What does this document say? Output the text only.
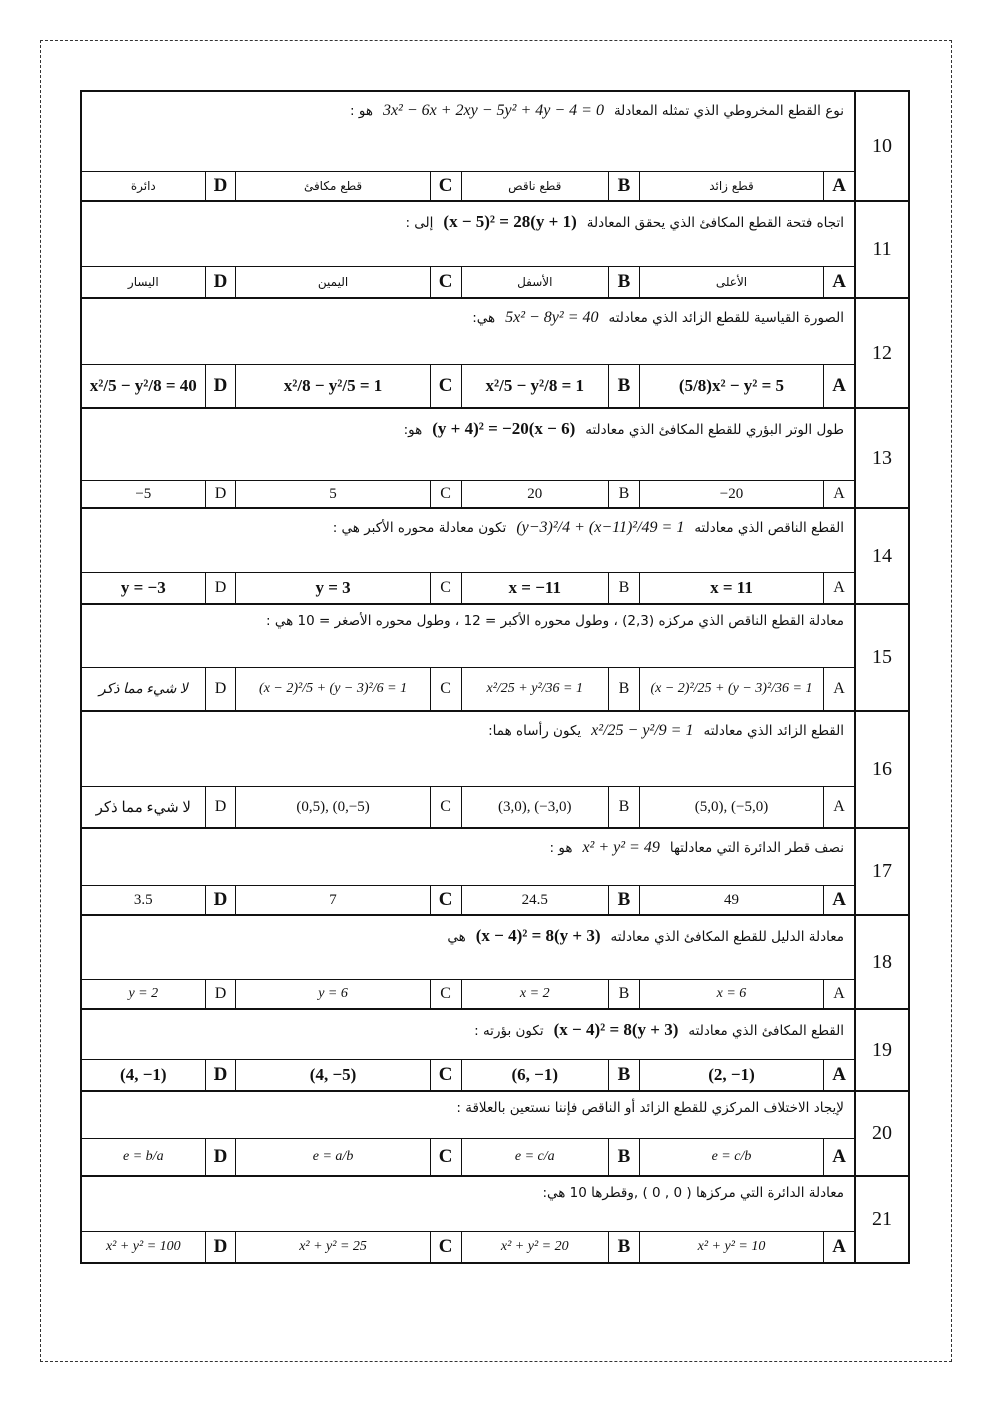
نوع القطع المخروطي الذي تمثله المعادلة3x² − 6x + 2xy − 5y² + 4y − 4 = 0هو :
A
قطع زائد
B
قطع ناقص
C
قطع مكافئ
D
دائرة
10
اتجاه فتحة القطع المكافئ الذي يحقق المعادلة(x − 5)² = 28(y + 1)إلى :
A
الأعلى
B
الأسفل
C
اليمين
D
اليسار
11
الصورة القياسية للقطع الزائد الذي معادلته5x² − 8y² = 40هي:
A
(5/8)x² − y² = 5
B
x²/5 − y²/8 = 1
C
x²/8 − y²/5 = 1
D
x²/5 − y²/8 = 40
12
طول الوتر البؤري للقطع المكافئ الذي معادلته(y + 4)² = −20(x − 6)هو:
A
−20
B
20
C
5
D
−5
13
القطع الناقص الذي معادلته(y−3)²/4 + (x−11)²/49 = 1تكون معادلة محوره الأكبر هي :
A
x = 11
B
x = −11
C
y = 3
D
y = −3
14
معادلة القطع الناقص الذي مركزه (2,3) ، وطول محوره الأكبر = 12 ، وطول محوره الأصغر = 10 هي :
A
(x − 2)²/25 + (y − 3)²/36 = 1
B
x²/25 + y²/36 = 1
C
(x − 2)²/5 + (y − 3)²/6 = 1
D
لا شيء مما ذكر
15
القطع الزائد الذي معادلتهx²/25 − y²/9 = 1يكون رأساه هما:
A
(5,0), (−5,0)
B
(3,0), (−3,0)
C
(0,5), (0,−5)
D
لا شيء مما ذكر
16
نصف قطر الدائرة التي معادلتهاx² + y² = 49هو :
A
49
B
24.5
C
7
D
3.5
17
معادلة الدليل للقطع المكافئ الذي معادلته(x − 4)² = 8(y + 3)هي
A
x = 6
B
x = 2
C
y = 6
D
y = 2
18
القطع المكافئ الذي معادلته(x − 4)² = 8(y + 3)تكون بؤرته :
A
(2, −1)
B
(6, −1)
C
(4, −5)
D
(4, −1)
19
لإيجاد الاختلاف المركزي للقطع الزائد أو الناقص فإننا نستعين بالعلاقة :
A
e = c/b
B
e = c/a
C
e = a/b
D
e = b/a
20
معادلة الدائرة التي مركزها ( 0 , 0 ) ,وقطرها 10 هي:
A
x² + y² = 10
B
x² + y² = 20
C
x² + y² = 25
D
x² + y² = 100
21
